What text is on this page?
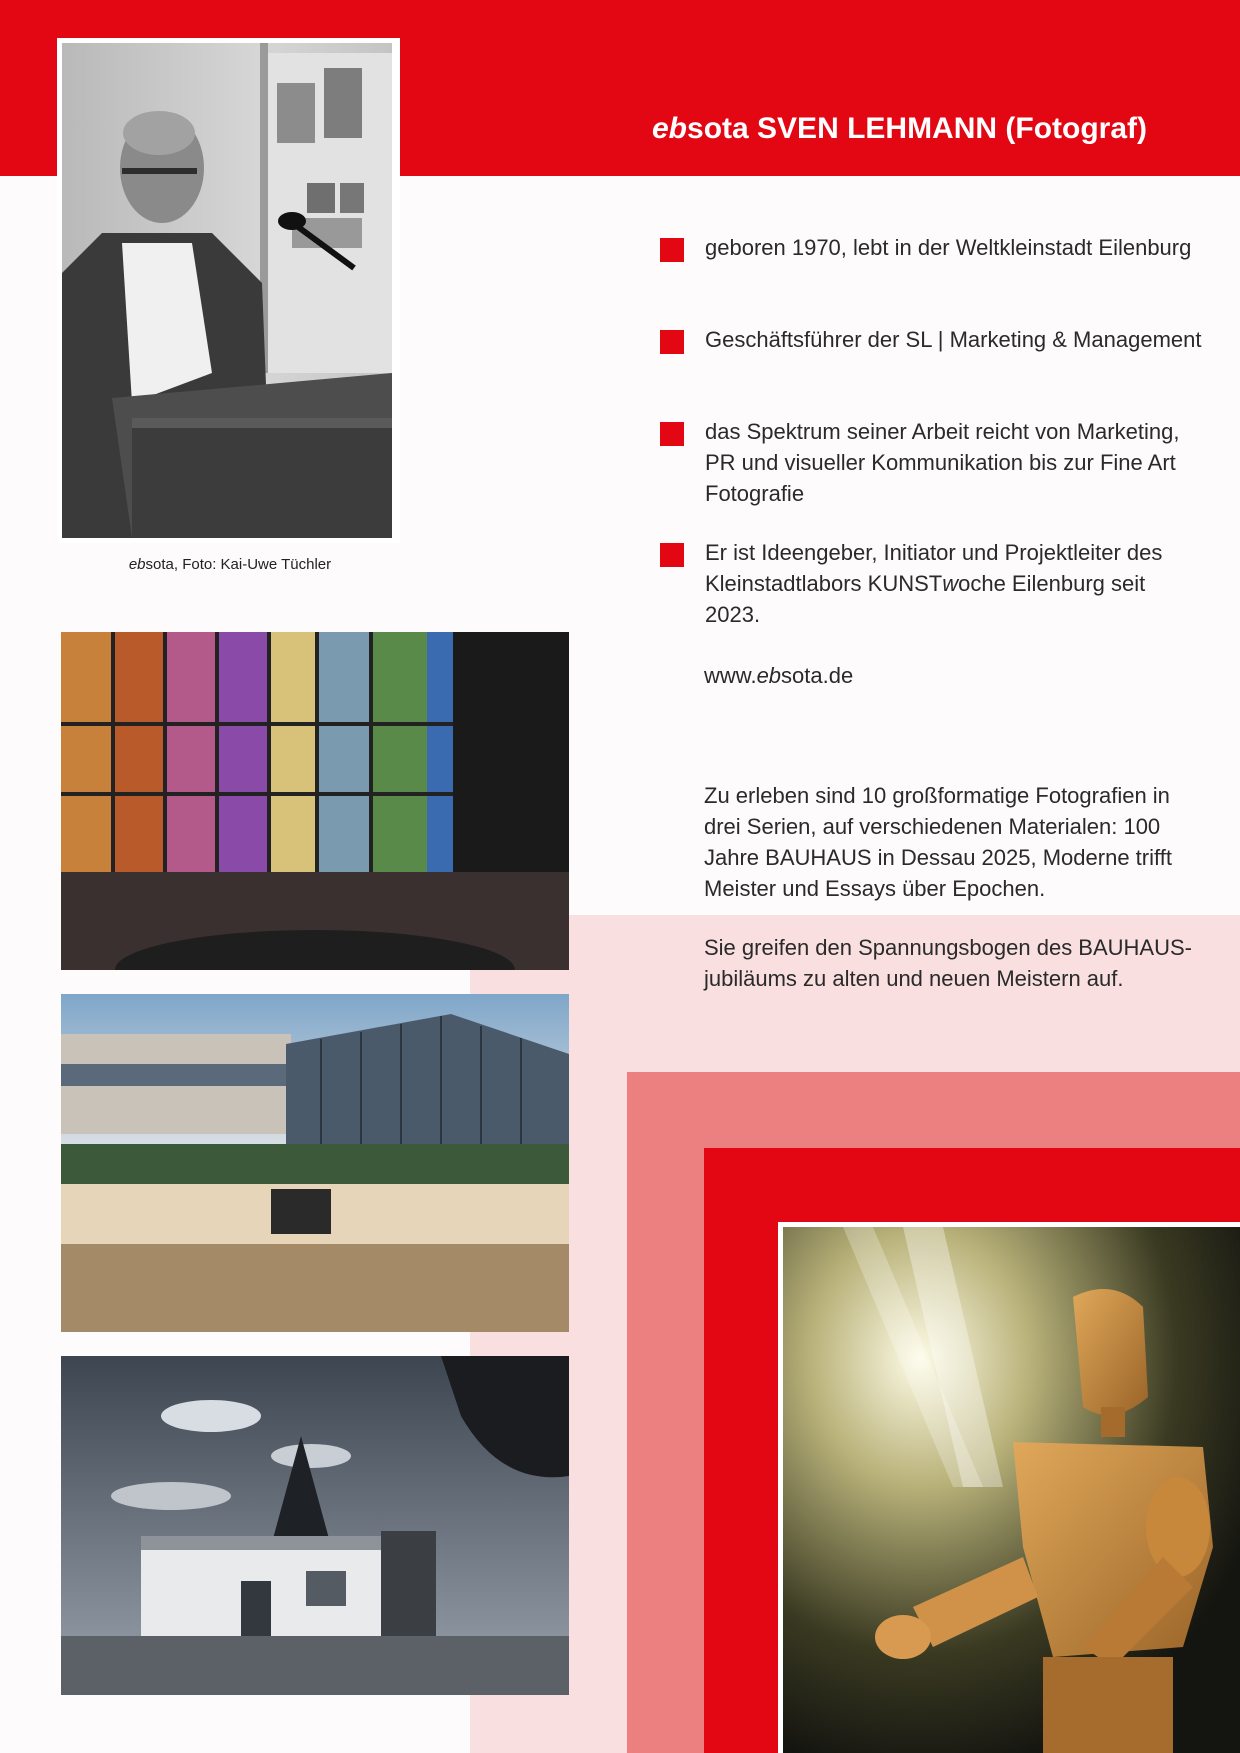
ebsota SVEN LEHMANN (Fotograf)
ebsota, Foto: Kai-Uwe Tüchler
geboren 1970, lebt in der Weltkleinstadt Eilenburg
Geschäftsführer der SL | Marketing & Management
das Spektrum seiner Arbeit reicht von Marketing, PR und visueller Kommunikation bis zur Fine Art Fotografie
Er ist Ideengeber, Initiator und Projektleiter des Kleinstadtlabors KUNSTwoche Eilenburg seit 2023.
www.ebsota.de
Zu erleben sind 10 großformatige Fotografien in drei Serien, auf verschiedenen Materialen: 100 Jahre BAUHAUS in Dessau 2025, Moderne trifft Meister und Essays über Epochen.
Sie greifen den Spannungsbogen des BAUHAUS-jubiläums zu alten und neuen Meistern auf.
